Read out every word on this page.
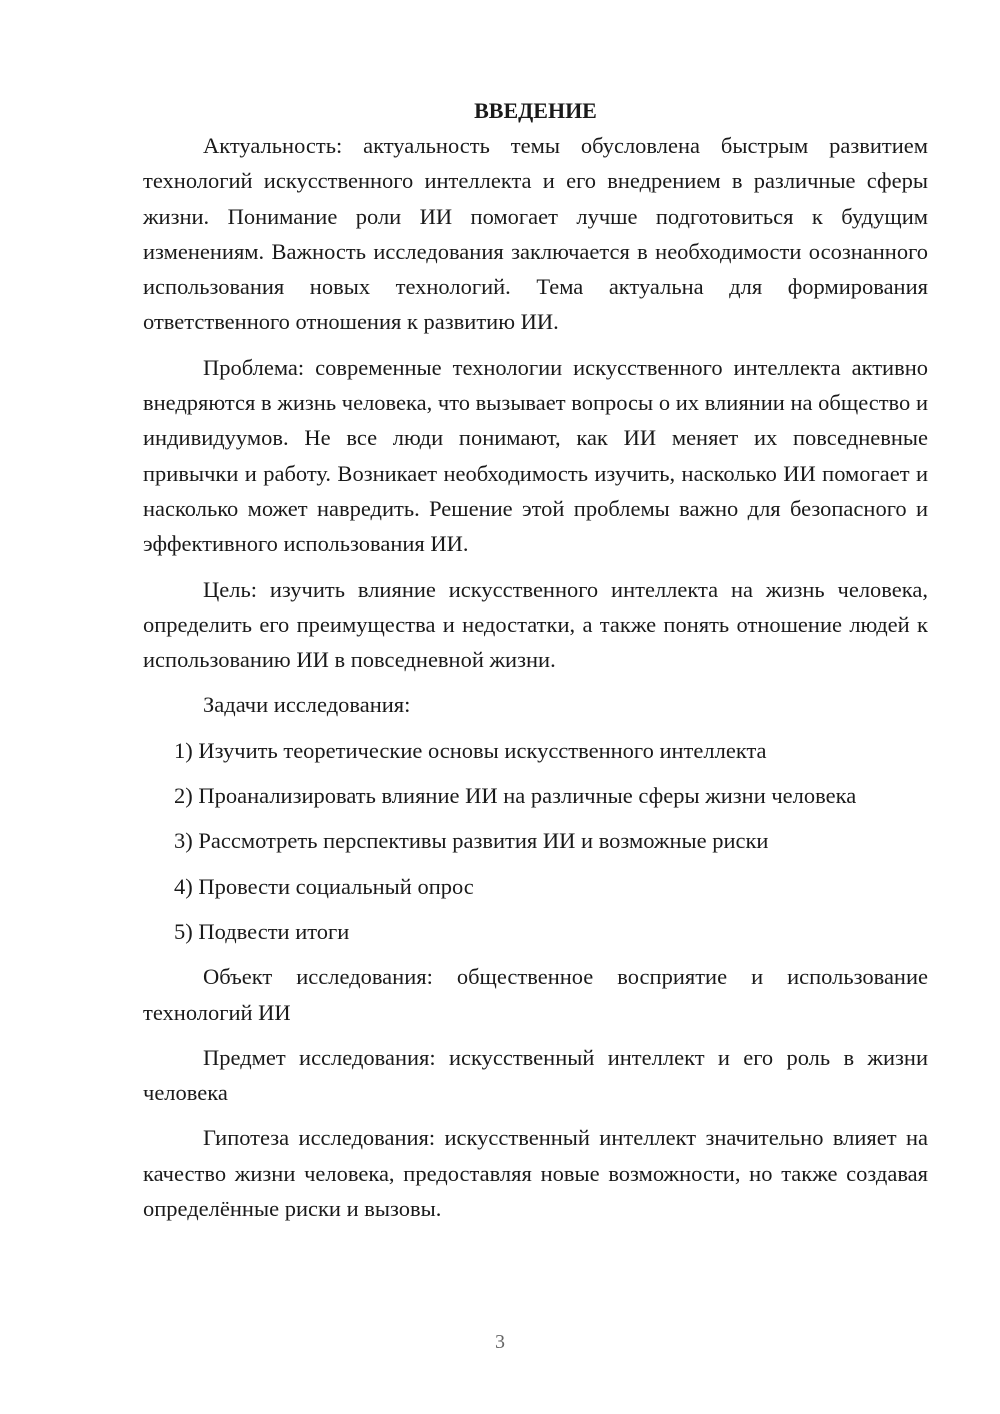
ВВЕДЕНИЕ

Актуальность: актуальность темы обусловлена быстрым развитием технологий искусственного интеллекта и его внедрением в различные сферы жизни. Понимание роли ИИ помогает лучше подготовиться к будущим изменениям. Важность исследования заключается в необходимости осознанного использования новых технологий. Тема актуальна для формирования ответственного отношения к развитию ИИ.

Проблема: современные технологии искусственного интеллекта активно внедряются в жизнь человека, что вызывает вопросы о их влиянии на общество и индивидуумов. Не все люди понимают, как ИИ меняет их повседневные привычки и работу. Возникает необходимость изучить, насколько ИИ помогает и насколько может навредить. Решение этой проблемы важно для безопасного и эффективного использования ИИ.

Цель: изучить влияние искусственного интеллекта на жизнь человека, определить его преимущества и недостатки, а также понять отношение людей к использованию ИИ в повседневной жизни.

Задачи исследования:

1) Изучить теоретические основы искусственного интеллекта

2) Проанализировать влияние ИИ на различные сферы жизни человека

3) Рассмотреть перспективы развития ИИ и возможные риски

4) Провести социальный опрос

5) Подвести итоги

Объект исследования: общественное восприятие и использование технологий ИИ

Предмет исследования: искусственный интеллект и его роль в жизни человека

Гипотеза исследования: искусственный интеллект значительно влияет на качество жизни человека, предоставляя новые возможности, но также создавая определённые риски и вызовы.

3
